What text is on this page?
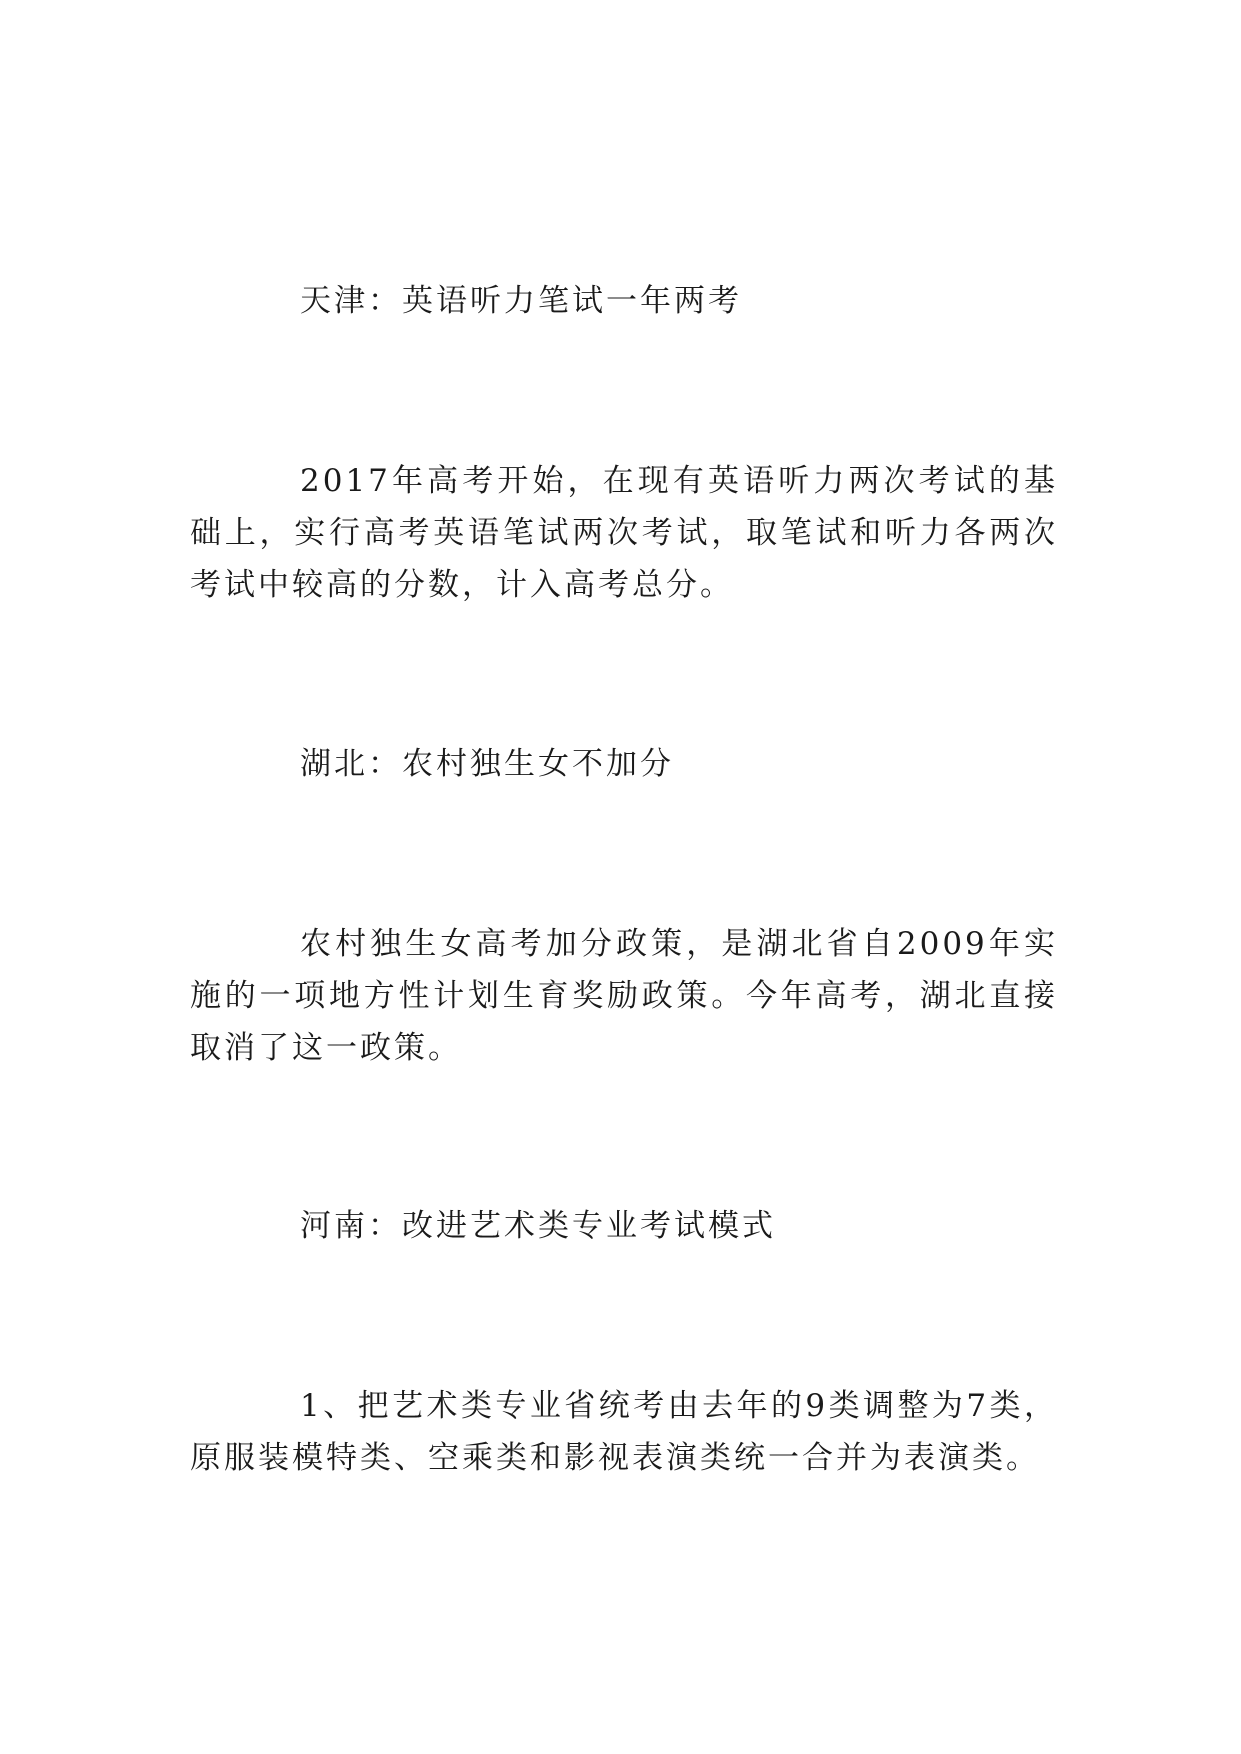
天津：英语听力笔试一年两考

2017年高考开始，在现有英语听力两次考试的基础上，实行高考英语笔试两次考试，取笔试和听力各两次考试中较高的分数，计入高考总分。

湖北：农村独生女不加分

农村独生女高考加分政策，是湖北省自2009年实施的一项地方性计划生育奖励政策。今年高考，湖北直接取消了这一政策。

河南：改进艺术类专业考试模式

1、把艺术类专业省统考由去年的9类调整为7类，原服装模特类、空乘类和影视表演类统一合并为表演类。
